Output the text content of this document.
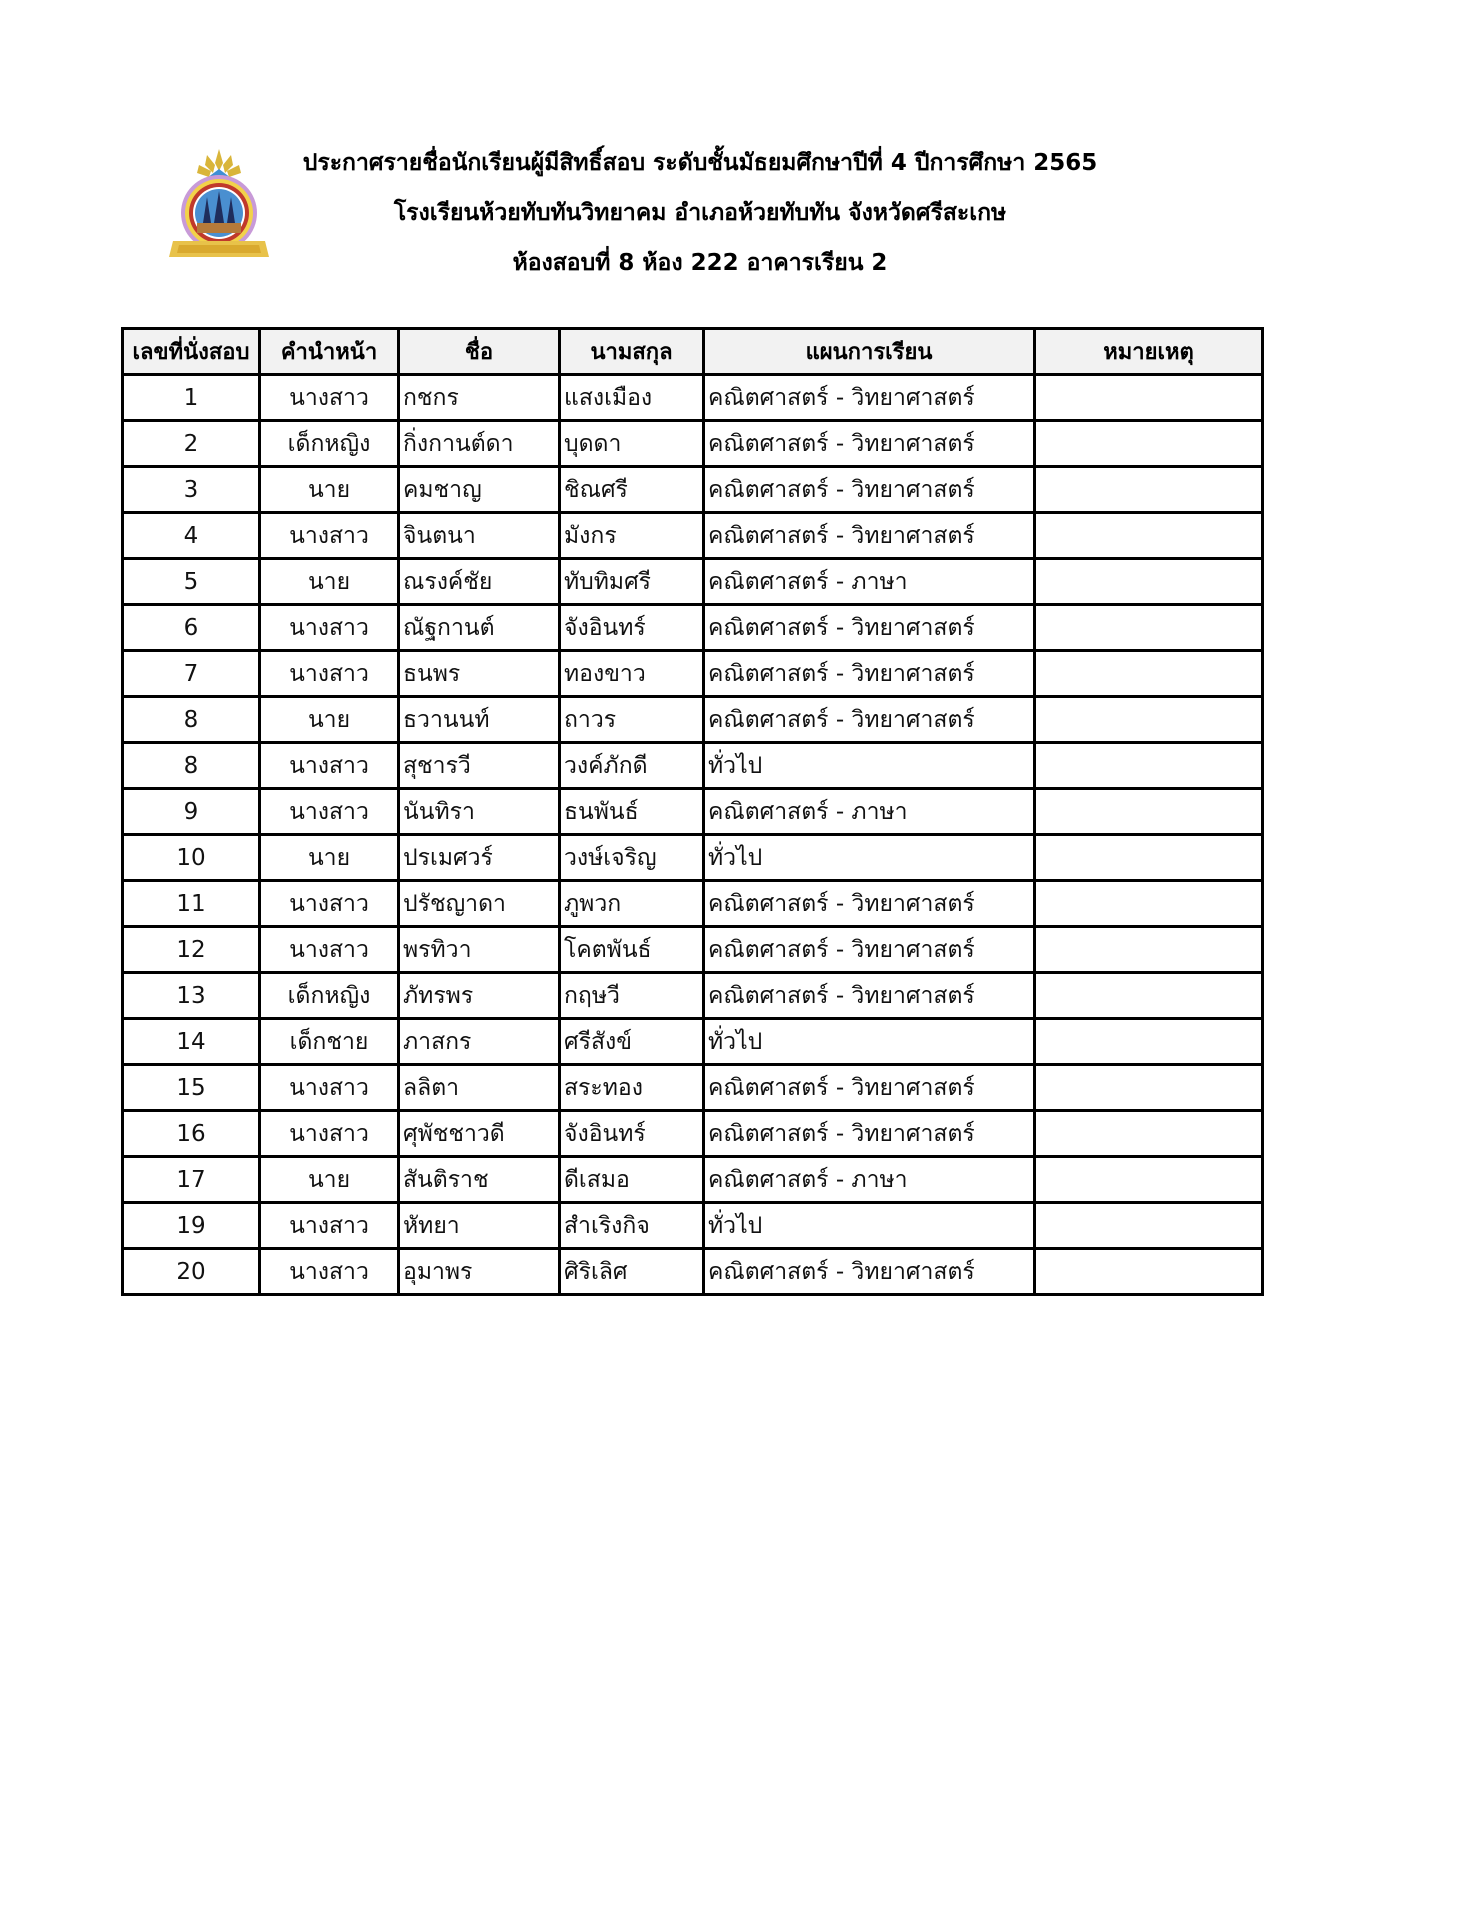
ประกาศรายชื่อนักเรียนผู้มีสิทธิ์สอบ ระดับชั้นมัธยมศึกษาปีที่ 4 ปีการศึกษา 2565
โรงเรียนห้วยทับทันวิทยาคม อำเภอห้วยทับทัน จังหวัดศรีสะเกษ
ห้องสอบที่ 8 ห้อง 222 อาคารเรียน 2
เลขที่นั่งสอบ	คำนำหน้า	ชื่อ	นามสกุล	แผนการเรียน	หมายเหตุ
1	นางสาว	กชกร	แสงเมือง	คณิตศาสตร์ - วิทยาศาสตร์	
2	เด็กหญิง	กิ่งกานต์ดา	บุดดา	คณิตศาสตร์ - วิทยาศาสตร์	
3	นาย	คมชาญ	ชิณศรี	คณิตศาสตร์ - วิทยาศาสตร์	
4	นางสาว	จินตนา	มังกร	คณิตศาสตร์ - วิทยาศาสตร์	
5	นาย	ณรงค์ชัย	ทับทิมศรี	คณิตศาสตร์ - ภาษา	
6	นางสาว	ณัฐกานต์	จังอินทร์	คณิตศาสตร์ - วิทยาศาสตร์	
7	นางสาว	ธนพร	ทองขาว	คณิตศาสตร์ - วิทยาศาสตร์	
8	นาย	ธวานนท์	ถาวร	คณิตศาสตร์ - วิทยาศาสตร์	
8	นางสาว	สุชารวี	วงค์ภักดี	ทั่วไป	
9	นางสาว	นันทิรา	ธนพันธ์	คณิตศาสตร์ - ภาษา	
10	นาย	ปรเมศวร์	วงษ์เจริญ	ทั่วไป	
11	นางสาว	ปรัชญาดา	ภูพวก	คณิตศาสตร์ - วิทยาศาสตร์	
12	นางสาว	พรทิวา	โคตพันธ์	คณิตศาสตร์ - วิทยาศาสตร์	
13	เด็กหญิง	ภัทรพร	กฤษวี	คณิตศาสตร์ - วิทยาศาสตร์	
14	เด็กชาย	ภาสกร	ศรีสังข์	ทั่วไป	
15	นางสาว	ลลิตา	สระทอง	คณิตศาสตร์ - วิทยาศาสตร์	
16	นางสาว	ศุพัชชาวดี	จังอินทร์	คณิตศาสตร์ - วิทยาศาสตร์	
17	นาย	สันติราช	ดีเสมอ	คณิตศาสตร์ - ภาษา	
19	นางสาว	หัทยา	สำเริงกิจ	ทั่วไป	
20	นางสาว	อุมาพร	ศิริเลิศ	คณิตศาสตร์ - วิทยาศาสตร์	
